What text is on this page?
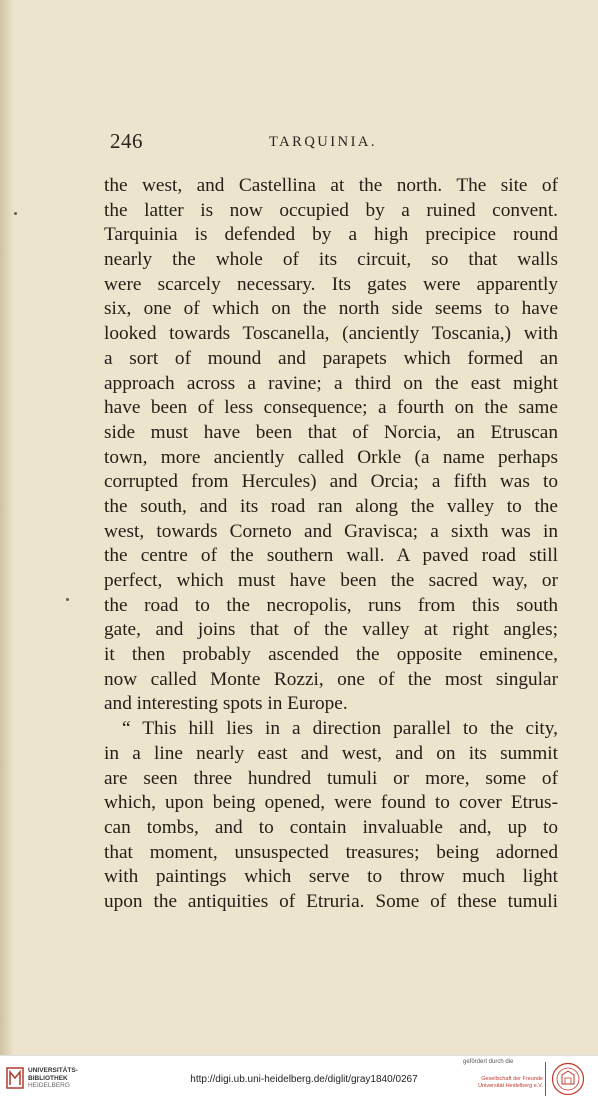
246	TARQUINIA.
the west, and Castellina at the north. The site of
the latter is now occupied by a ruined convent.
Tarquinia is defended by a high precipice round
nearly the whole of its circuit, so that walls
were scarcely necessary. Its gates were apparently
six, one of which on the north side seems to have
looked towards Toscanella, (anciently Toscania,) with
a sort of mound and parapets which formed an
approach across a ravine; a third on the east might
have been of less consequence; a fourth on the same
side must have been that of Norcia, an Etruscan
town, more anciently called Orkle (a name perhaps
corrupted from Hercules) and Orcia; a fifth was to
the south, and its road ran along the valley to the
west, towards Corneto and Gravisca; a sixth was in
the centre of the southern wall. A paved road still
perfect, which must have been the sacred way, or
the road to the necropolis, runs from this south
gate, and joins that of the valley at right angles;
it then probably ascended the opposite eminence,
now called Monte Rozzi, one of the most singular
and interesting spots in Europe.
“ This hill lies in a direction parallel to the city,
in a line nearly east and west, and on its summit
are seen three hundred tumuli or more, some of
which, upon being opened, were found to cover Etrus-
can tombs, and to contain invaluable and, up to
that moment, unsuspected treasures; being adorned
with paintings which serve to throw much light
upon the antiquities of Etruria. Some of these tumuli
UNIVERSITÄTS-
BIBLIOTHEK
HEIDELBERG
http://digi.ub.uni-heidelberg.de/diglit/gray1840/0267
gefördert durch die
Gesellschaft der Freunde
Universität Heidelberg e.V.
